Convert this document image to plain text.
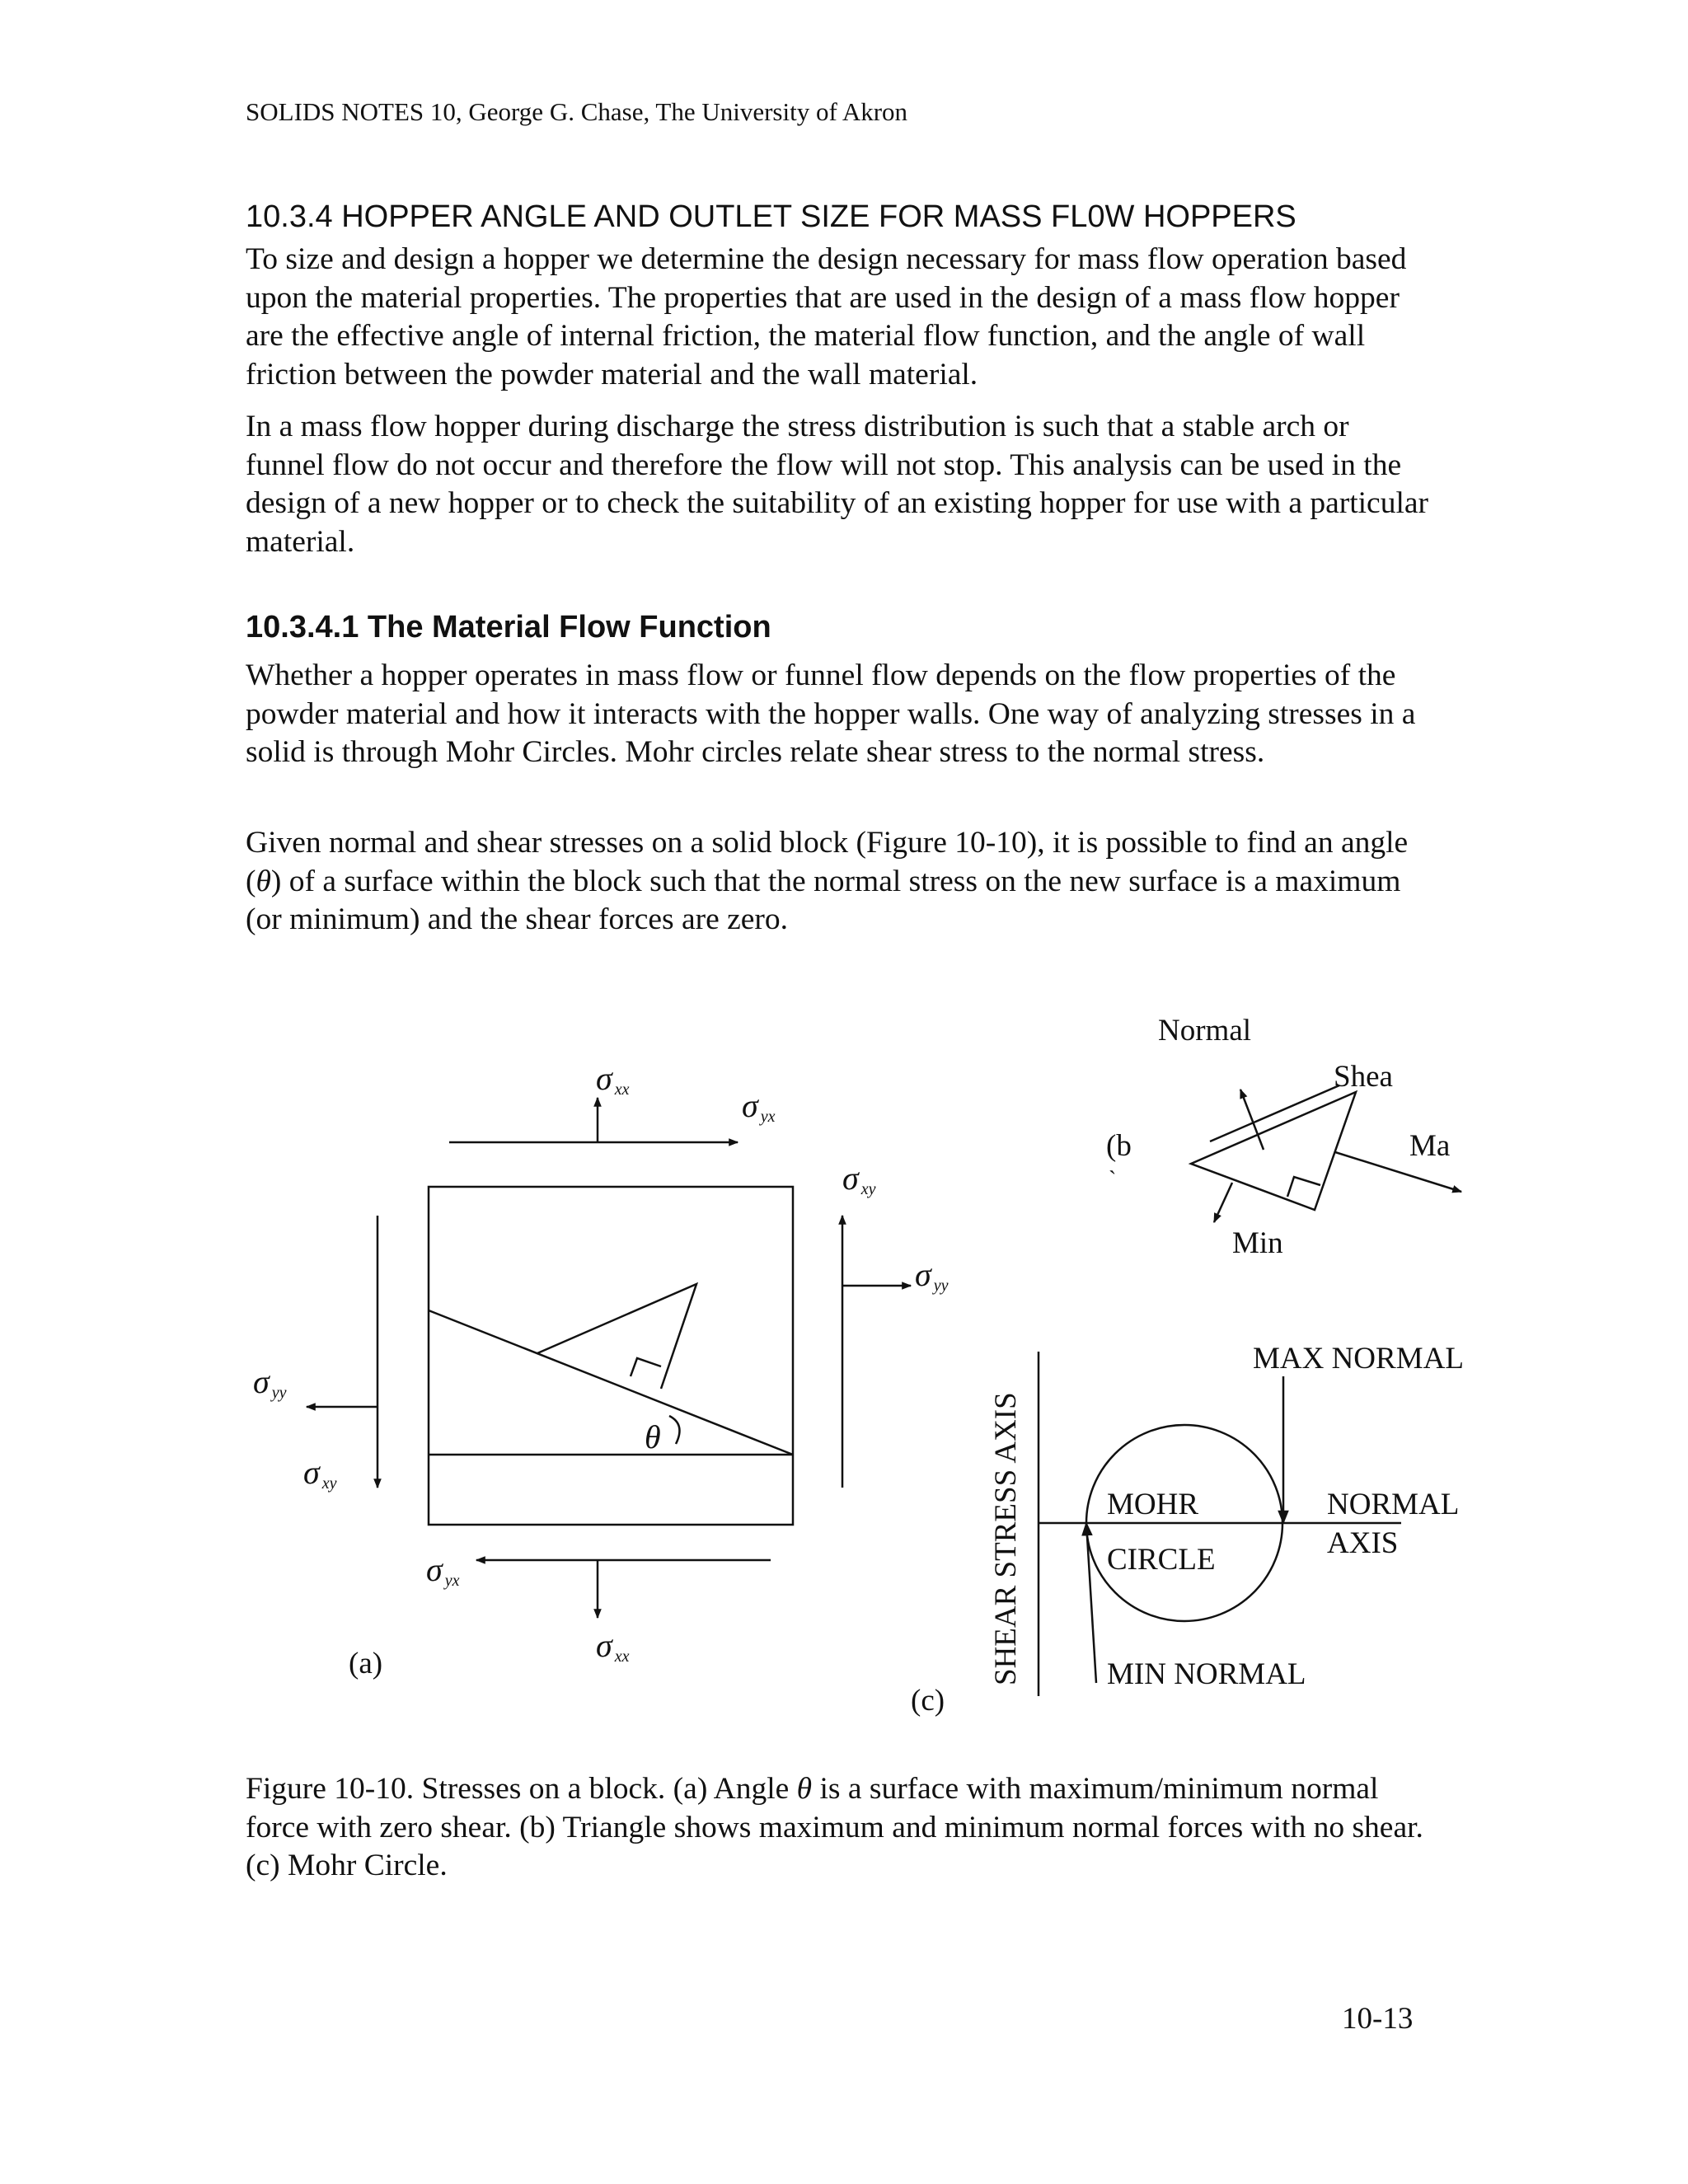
SOLIDS NOTES 10, George G. Chase, The University of Akron
10.3.4 HOPPER ANGLE AND OUTLET SIZE FOR MASS FL0W HOPPERS

To size and design a hopper we determine the design necessary for mass flow operation based upon the material properties. The properties that are used in the design of a mass flow hopper are the effective angle of internal friction, the material flow function, and the angle of wall friction between the powder material and the wall material.

In a mass flow hopper during discharge the stress distribution is such that a stable arch or funnel flow do not occur and therefore the flow will not stop. This analysis can be used in the design of a new hopper or to check the suitability of an existing hopper for use with a particular material.

10.3.4.1 The Material Flow Function

Whether a hopper operates in mass flow or funnel flow depends on the flow properties of the powder material and how it interacts with the hopper walls. One way of analyzing stresses in a solid is through Mohr Circles. Mohr circles relate shear stress to the normal stress.

Given normal and shear stresses on a solid block (Figure 10-10), it is possible to find an angle (θ) of a surface within the block such that the normal stress on the new surface is a maximum (or minimum) and the shear forces are zero.

σxx	σyx
σxy
σyy
σyy
σxy
σyx
σxx
θ
(a)
Normal
Shea
Ma
Min
(b
`
SHEAR STRESS AXIS
MAX NORMAL
MOHR
CIRCLE
NORMAL
AXIS
MIN NORMAL
(c)

Figure 10-10. Stresses on a block. (a) Angle θ is a surface with maximum/minimum normal force with zero shear. (b) Triangle shows maximum and minimum normal forces with no shear. (c) Mohr Circle.

10-13
